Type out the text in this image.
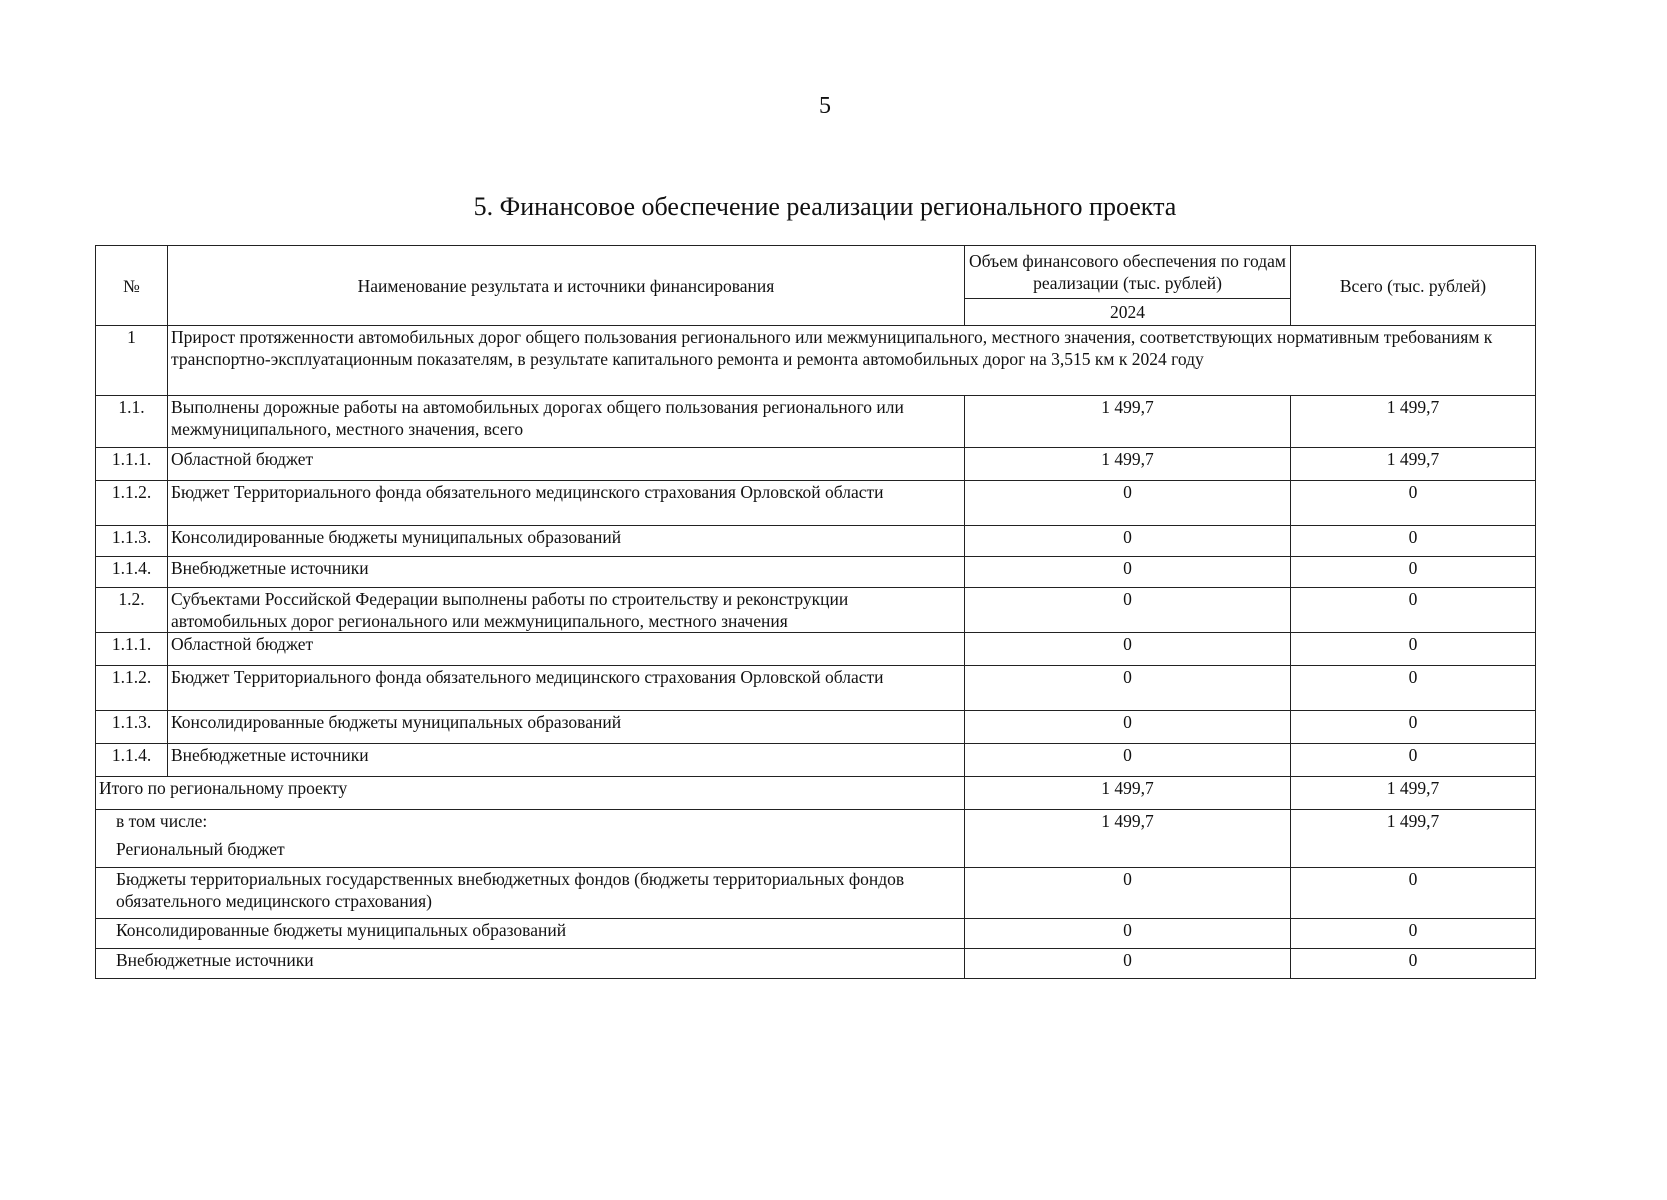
5
5. Финансовое обеспечение реализации регионального проекта
№	Наименование результата и источники финансирования	Объем финансового обеспечения по годам реализации (тыс. рублей)	Всего (тыс. рублей)
		2024	
1	Прирост протяженности автомобильных дорог общего пользования регионального или межмуниципального, местного значения, соответствующих нормативным требованиям к транспортно-эксплуатационным показателям, в результате капитального ремонта и ремонта автомобильных дорог на 3,515 км к 2024 году		
1.1.	Выполнены дорожные работы на автомобильных дорогах общего пользования регионального или межмуниципального, местного значения, всего	1 499,7	1 499,7
1.1.1.	Областной бюджет	1 499,7	1 499,7
1.1.2.	Бюджет Территориального фонда обязательного медицинского страхования Орловской области	0	0
1.1.3.	Консолидированные бюджеты муниципальных образований	0	0
1.1.4.	Внебюджетные источники	0	0
1.2.	Субъектами Российской Федерации выполнены работы по строительству и реконструкции автомобильных дорог регионального или межмуниципального, местного значения	0	0
1.1.1.	Областной бюджет	0	0
1.1.2.	Бюджет Территориального фонда обязательного медицинского страхования Орловской области	0	0
1.1.3.	Консолидированные бюджеты муниципальных образований	0	0
1.1.4.	Внебюджетные источники	0	0
Итого по региональному проекту		1 499,7	1 499,7

в том числе:
Региональный бюджет		1 499,7	1 499,7
Бюджеты территориальных государственных внебюджетных фондов (бюджеты территориальных фондов обязательного медицинского страхования)		0	0
Консолидированные бюджеты муниципальных образований		0	0
Внебюджетные источники		0	0
